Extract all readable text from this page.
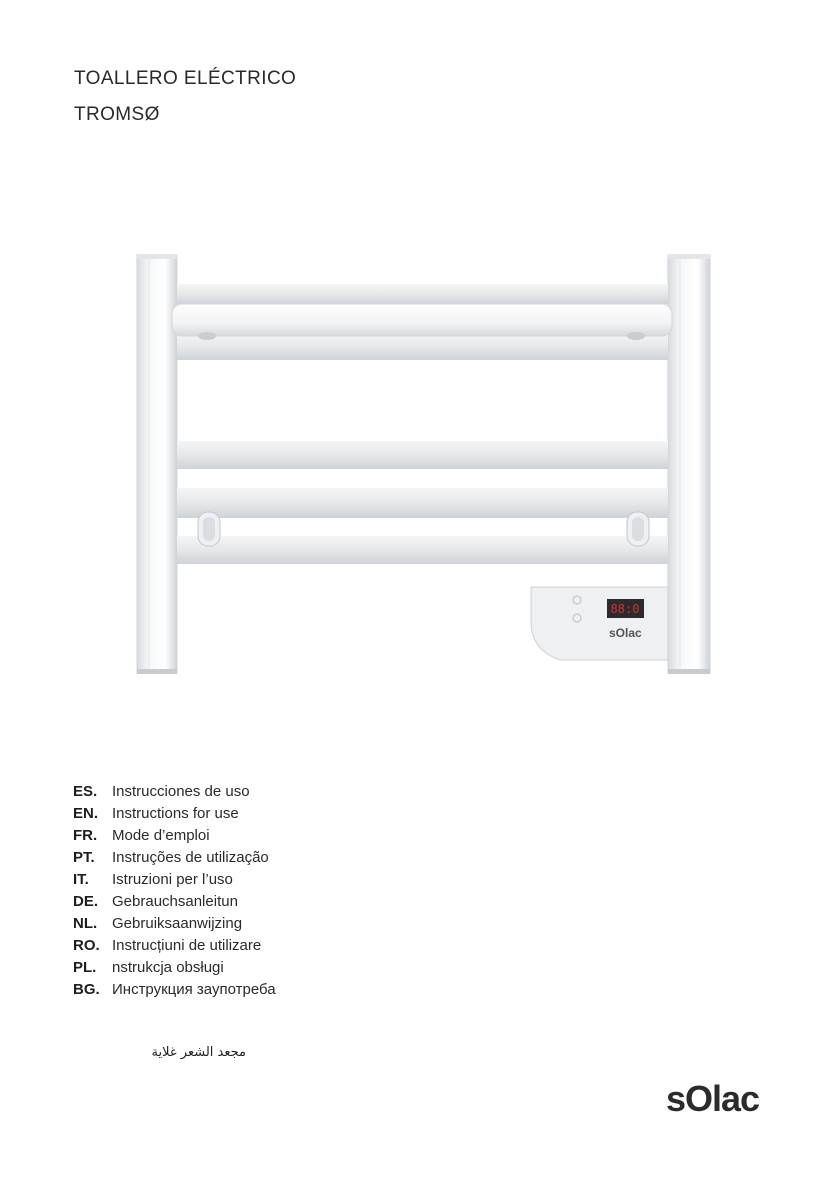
TOALLERO ELÉCTRICO
TROMSØ
88:0
sOlac
ES. Instrucciones de uso
EN. Instructions for use
FR. Mode d’emploi
PT.	Instruções de utilização
IT.	Istruzioni per l’uso
DE. Gebrauchsanleitun
NL. Gebruiksaanwijzing
RO. Instrucțiuni de utilizare
PL.	nstrukcja obsługi
BG. Инструкция заупотреба
مجعد الشعر غلاية
sOlac
